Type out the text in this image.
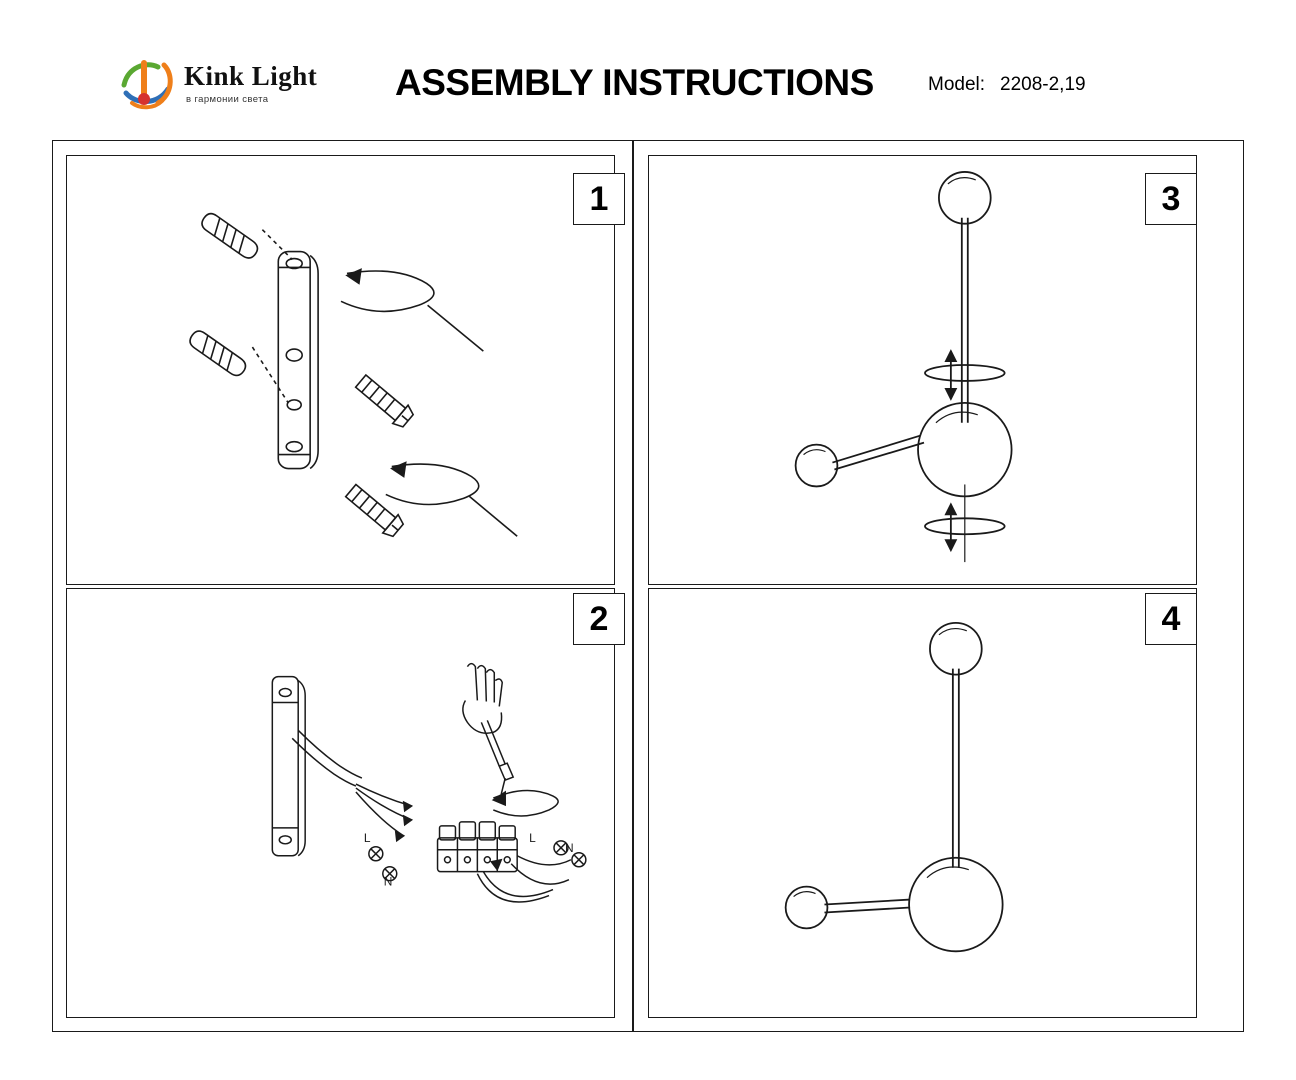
Kink Light
в гармонии света	ASSEMBLY INSTRUCTIONS	Model: 2208-2,19
1
L
N
L
N
2
3
4
